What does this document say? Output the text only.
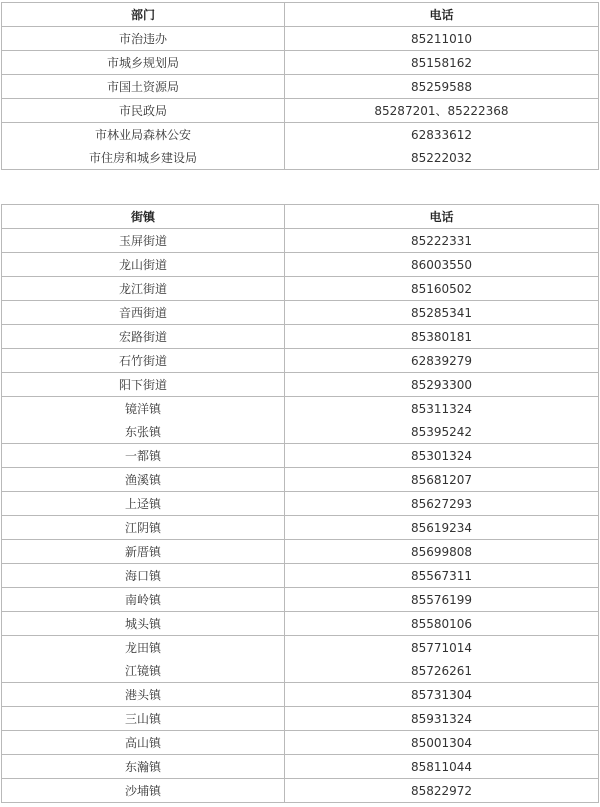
部门	电话
市治违办	85211010
市城乡规划局	85158162
市国土资源局	85259588
市民政局	85287201、85222368
市林业局森林公安	62833612
市住房和城乡建设局	85222032
街镇	电话
玉屏街道	85222331
龙山街道	86003550
龙江街道	85160502
音西街道	85285341
宏路街道	85380181
石竹街道	62839279
阳下街道	85293300
镜洋镇	85311324
东张镇	85395242
一都镇	85301324
渔溪镇	85681207
上迳镇	85627293
江阴镇	85619234
新厝镇	85699808
海口镇	85567311
南岭镇	85576199
城头镇	85580106
龙田镇	85771014
江镜镇	85726261
港头镇	85731304
三山镇	85931324
高山镇	85001304
东瀚镇	85811044
沙埔镇	85822972
